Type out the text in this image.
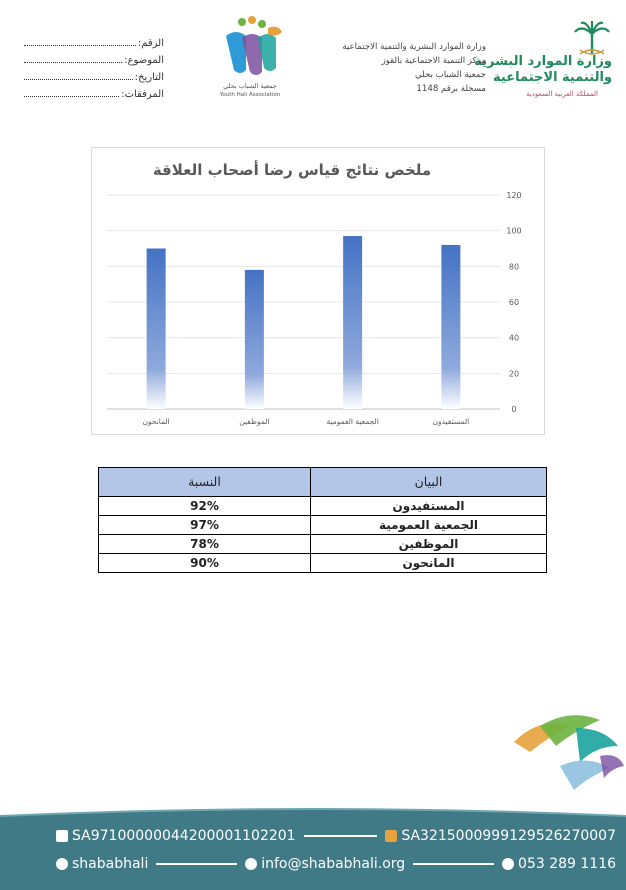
وزارة الموارد البشرية
والتنمية الاجتماعية
المملكة العربية السعودية
وزارة الموارد البشرية والتنمية الاجتماعية
مركز التنمية الاجتماعية بالقوز
جمعية الشباب بحلي
مسجلة برقم 1148
جمعية الشباب بحلي
Youth Hali Association
الرقم:
الموضوع:
التاريخ:
المرفقات:
0
20
40
60
80
100
120
المستفيدون
الجمعية العمومية
الموظفين
المانحون
ملخص نتائج قياس رضا أصحاب العلاقة
البيان	النسبة
المستفيدون	92%
الجمعية العمومية	97%
الموظفين	78%
المانحون	90%
SA9710000004420000110220​1	SA3215000999129526270007
shababhali	info@shababhali.org	053 289 1116
